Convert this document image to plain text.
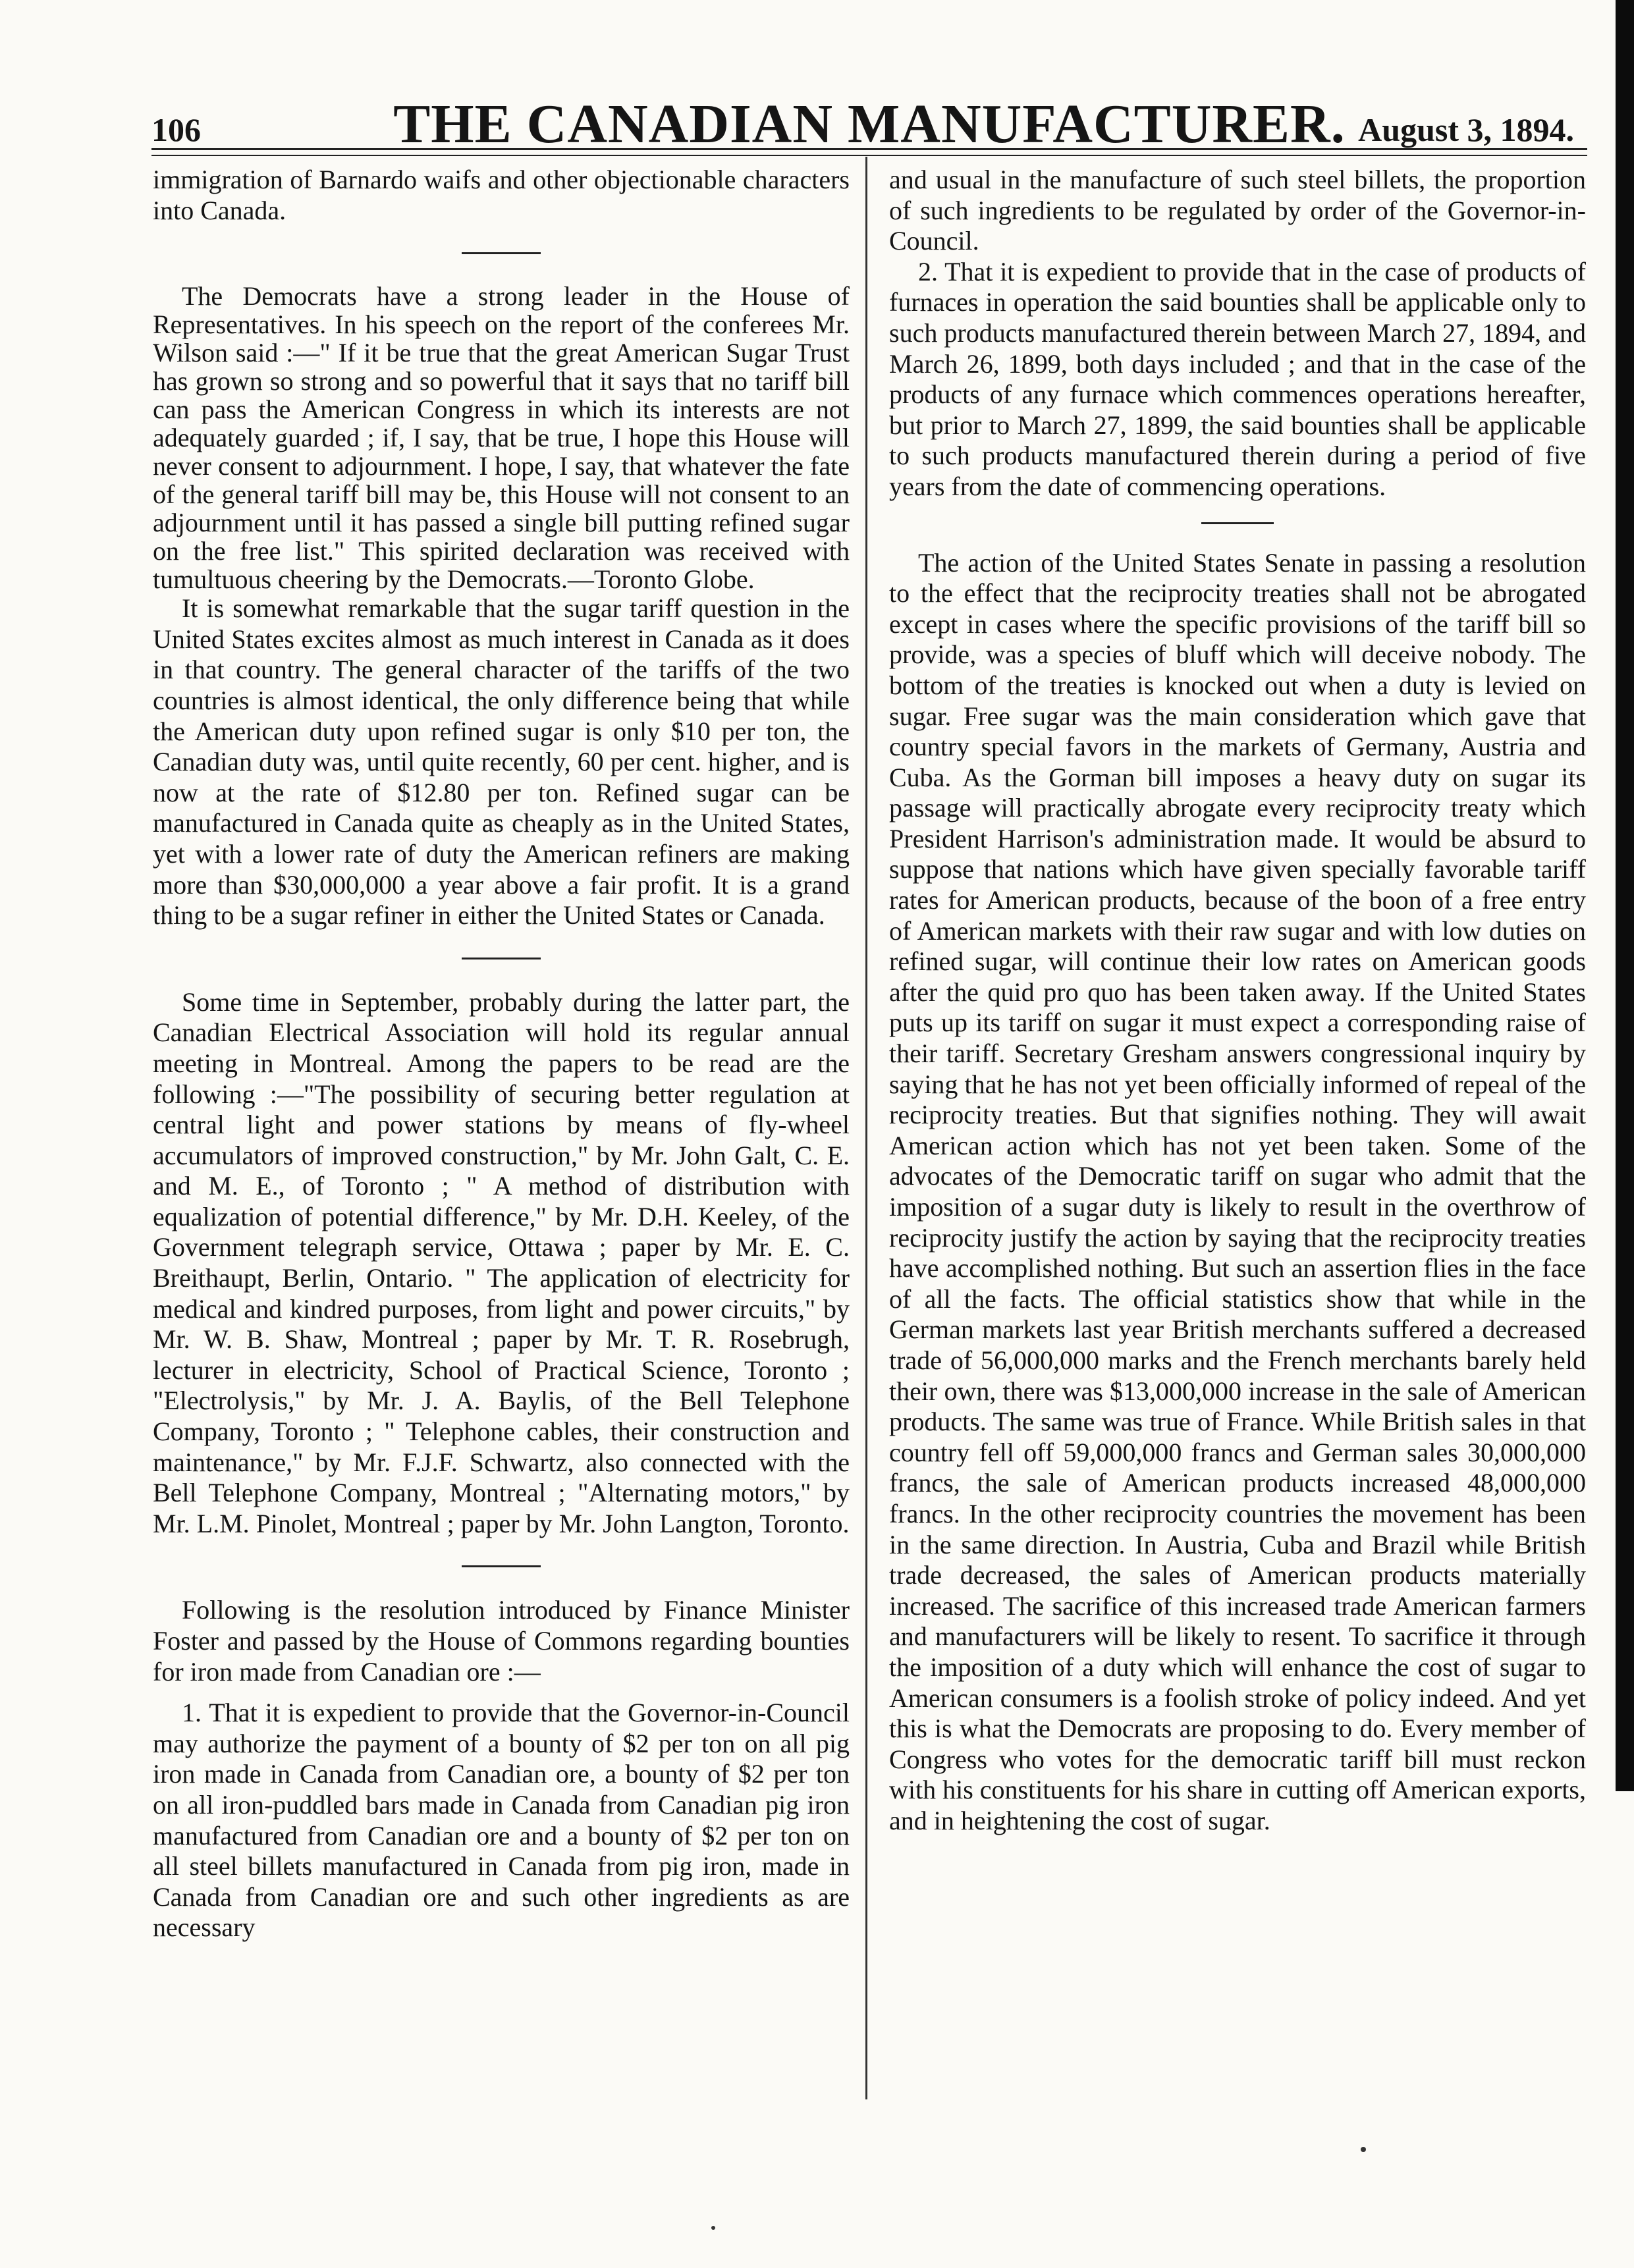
106	THE CANADIAN MANUFACTURER. August 3, 1894.

immigration of Barnardo waifs and other objectionable characters into Canada.

The Democrats have a strong leader in the House of Representatives. In his speech on the report of the conferees Mr. Wilson said :—" If it be true that the great American Sugar Trust has grown so strong and so powerful that it says that no tariff bill can pass the American Congress in which its interests are not adequately guarded ; if, I say, that be true, I hope this House will never consent to adjournment. I hope, I say, that whatever the fate of the general tariff bill may be, this House will not consent to an adjournment until it has passed a single bill putting refined sugar on the free list." This spirited declaration was received with tumultuous cheering by the Democrats.—Toronto Globe.

It is somewhat remarkable that the sugar tariff question in the United States excites almost as much interest in Canada as it does in that country. The general character of the tariffs of the two countries is almost identical, the only difference being that while the American duty upon refined sugar is only $10 per ton, the Canadian duty was, until quite recently, 60 per cent. higher, and is now at the rate of $12.80 per ton. Refined sugar can be manufactured in Canada quite as cheaply as in the United States, yet with a lower rate of duty the American refiners are making more than $30,000,000 a year above a fair profit. It is a grand thing to be a sugar refiner in either the United States or Canada.

Some time in September, probably during the latter part, the Canadian Electrical Association will hold its regular annual meeting in Montreal. Among the papers to be read are the following :—"The possibility of securing better regulation at central light and power stations by means of fly-wheel accumulators of improved construction," by Mr. John Galt, C. E. and M. E., of Toronto ; " A method of distribution with equalization of potential difference," by Mr. D.H. Keeley, of the Government telegraph service, Ottawa ; paper by Mr. E. C. Breithaupt, Berlin, Ontario. " The application of electricity for medical and kindred purposes, from light and power circuits," by Mr. W. B. Shaw, Montreal ; paper by Mr. T. R. Rosebrugh, lecturer in electricity, School of Practical Science, Toronto ; "Electrolysis," by Mr. J. A. Baylis, of the Bell Telephone Company, Toronto ; " Telephone cables, their construction and maintenance," by Mr. F.J.F. Schwartz, also connected with the Bell Telephone Company, Montreal ; "Alternating motors," by Mr. L.M. Pinolet, Montreal ; paper by Mr. John Langton, Toronto.

Following is the resolution introduced by Finance Minister Foster and passed by the House of Commons regarding bounties for iron made from Canadian ore :—

1. That it is expedient to provide that the Governor-in-Council may authorize the payment of a bounty of $2 per ton on all pig iron made in Canada from Canadian ore, a bounty of $2 per ton on all iron-puddled bars made in Canada from Canadian pig iron manufactured from Canadian ore and a bounty of $2 per ton on all steel billets manufactured in Canada from pig iron, made in Canada from Canadian ore and such other ingredients as are necessary

and usual in the manufacture of such steel billets, the proportion of such ingredients to be regulated by order of the Governor-in-Council.

2. That it is expedient to provide that in the case of products of furnaces in operation the said bounties shall be applicable only to such products manufactured therein between March 27, 1894, and March 26, 1899, both days included ; and that in the case of the products of any furnace which commences operations hereafter, but prior to March 27, 1899, the said bounties shall be applicable to such products manufactured therein during a period of five years from the date of commencing operations.

The action of the United States Senate in passing a resolution to the effect that the reciprocity treaties shall not be abrogated except in cases where the specific provisions of the tariff bill so provide, was a species of bluff which will deceive nobody. The bottom of the treaties is knocked out when a duty is levied on sugar. Free sugar was the main consideration which gave that country special favors in the markets of Germany, Austria and Cuba. As the Gorman bill imposes a heavy duty on sugar its passage will practically abrogate every reciprocity treaty which President Harrison's administration made. It would be absurd to suppose that nations which have given specially favorable tariff rates for American products, because of the boon of a free entry of American markets with their raw sugar and with low duties on refined sugar, will continue their low rates on American goods after the quid pro quo has been taken away. If the United States puts up its tariff on sugar it must expect a corresponding raise of their tariff. Secretary Gresham answers congressional inquiry by saying that he has not yet been officially informed of repeal of the reciprocity treaties. But that signifies nothing. They will await American action which has not yet been taken. Some of the advocates of the Democratic tariff on sugar who admit that the imposition of a sugar duty is likely to result in the overthrow of reciprocity justify the action by saying that the reciprocity treaties have accomplished nothing. But such an assertion flies in the face of all the facts. The official statistics show that while in the German markets last year British merchants suffered a decreased trade of 56,000,000 marks and the French merchants barely held their own, there was $13,000,000 increase in the sale of American products. The same was true of France. While British sales in that country fell off 59,000,000 francs and German sales 30,000,000 francs, the sale of American products increased 48,000,000 francs. In the other reciprocity countries the movement has been in the same direction. In Austria, Cuba and Brazil while British trade decreased, the sales of American products materially increased. The sacrifice of this increased trade American farmers and manufacturers will be likely to resent. To sacrifice it through the imposition of a duty which will enhance the cost of sugar to American consumers is a foolish stroke of policy indeed. And yet this is what the Democrats are proposing to do. Every member of Congress who votes for the democratic tariff bill must reckon with his constituents for his share in cutting off American exports, and in heightening the cost of sugar.
